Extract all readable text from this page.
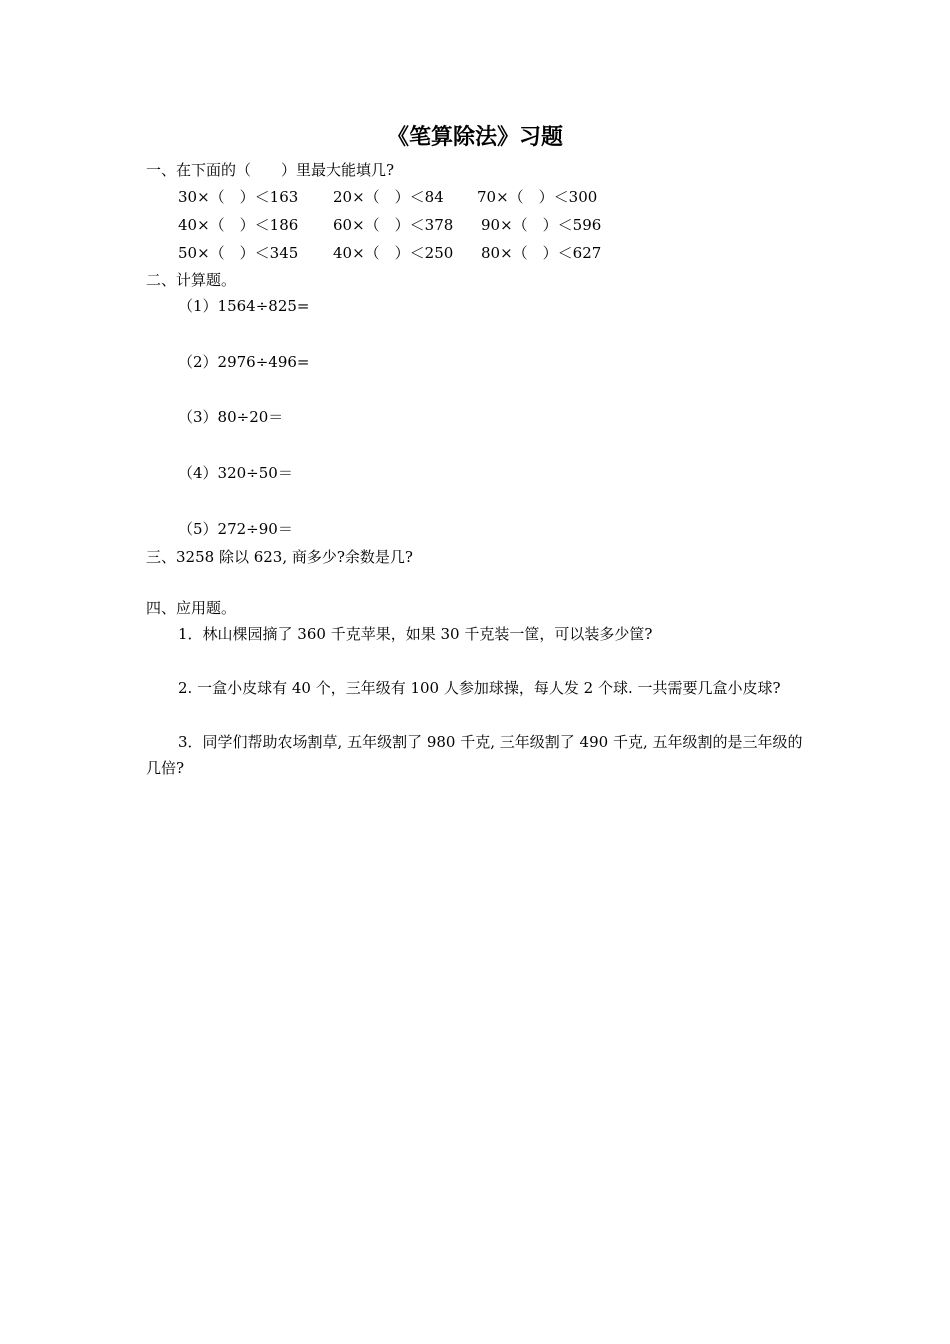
《笔算除法》习题
一、在下面的（　　）里最大能填几?
30×（　）＜163 20×（　）＜84 70×（　）＜300
40×（　）＜186 60×（　）＜378 90×（　）＜596
50×（　）＜345 40×（　）＜250 80×（　）＜627
二、计算题。
（1）1564÷825=
（2）2976÷496=
（3）80÷20＝
（4）320÷50＝
（5）272÷90＝
三、3258 除以 623, 商多少?余数是几?
四、应用题。
1．林山棵园摘了 360 千克苹果，如果 30 千克装一筐，可以装多少筐?
2. 一盒小皮球有 40 个，三年级有 100 人参加球操，每人发 2 个球. 一共需要几盒小皮球?
3．同学们帮助农场割草, 五年级割了 980 千克, 三年级割了 490 千克, 五年级割的是三年级的几倍?
